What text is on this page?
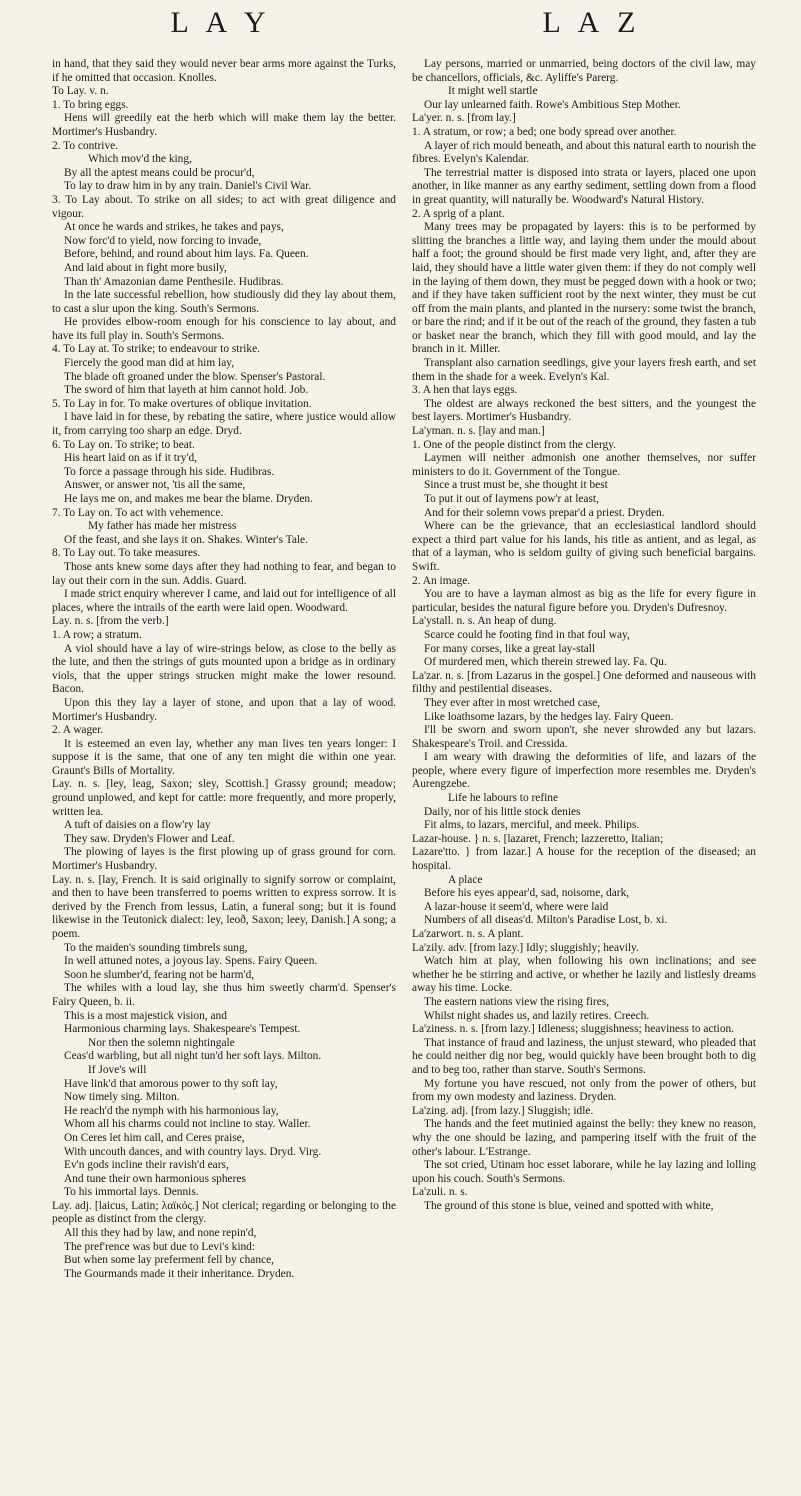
L A Y	L A Z

in hand, that they said they would never bear arms more against the Turks, if he omitted that occasion. Knolles.

To Lay. v. n.

1. To bring eggs.

Hens will greedily eat the herb which will make them lay the better. Mortimer's Husbandry.

2. To contrive.

Which mov'd the king,

By all the aptest means could be procur'd,

To lay to draw him in by any train. Daniel's Civil War.

3. To Lay about. To strike on all sides; to act with great diligence and vigour.

At once he wards and strikes, he takes and pays,

Now forc'd to yield, now forcing to invade,

Before, behind, and round about him lays. Fa. Queen.

And laid about in fight more busily,

Than th' Amazonian dame Penthesile. Hudibras.

In the late successful rebellion, how studiously did they lay about them, to cast a slur upon the king. South's Sermons.

He provides elbow-room enough for his conscience to lay about, and have its full play in. South's Sermons.

4. To Lay at. To strike; to endeavour to strike.

Fiercely the good man did at him lay,

The blade oft groaned under the blow. Spenser's Pastoral.

The sword of him that layeth at him cannot hold. Job.

5. To Lay in for. To make overtures of oblique invitation.

I have laid in for these, by rebating the satire, where justice would allow it, from carrying too sharp an edge. Dryd.

6. To Lay on. To strike; to beat.

His heart laid on as if it try'd,

To force a passage through his side. Hudibras.

Answer, or answer not, 'tis all the same,

He lays me on, and makes me bear the blame. Dryden.

7. To Lay on. To act with vehemence.

My father has made her mistress

Of the feast, and she lays it on. Shakes. Winter's Tale.

8. To Lay out. To take measures.

Those ants knew some days after they had nothing to fear, and began to lay out their corn in the sun. Addis. Guard.

I made strict enquiry wherever I came, and laid out for intelligence of all places, where the intrails of the earth were laid open. Woodward.

Lay. n. s. [from the verb.]

1. A row; a stratum.

A viol should have a lay of wire-strings below, as close to the belly as the lute, and then the strings of guts mounted upon a bridge as in ordinary viols, that the upper strings strucken might make the lower resound. Bacon.

Upon this they lay a layer of stone, and upon that a lay of wood. Mortimer's Husbandry.

2. A wager.

It is esteemed an even lay, whether any man lives ten years longer: I suppose it is the same, that one of any ten might die within one year. Graunt's Bills of Mortality.

Lay. n. s. [ley, leag, Saxon; sley, Scottish.] Grassy ground; meadow; ground unplowed, and kept for cattle: more frequently, and more properly, written lea.

A tuft of daisies on a flow'ry lay

They saw. Dryden's Flower and Leaf.

The plowing of layes is the first plowing up of grass ground for corn. Mortimer's Husbandry.

Lay. n. s. [lay, French. It is said originally to signify sorrow or complaint, and then to have been transferred to poems written to express sorrow. It is derived by the French from lessus, Latin, a funeral song; but it is found likewise in the Teutonick dialect: ley, leoð, Saxon; leey, Danish.] A song; a poem.

To the maiden's sounding timbrels sung,

In well attuned notes, a joyous lay. Spens. Fairy Queen.

Soon he slumber'd, fearing not be harm'd,

The whiles with a loud lay, she thus him sweetly charm'd. Spenser's Fairy Queen, b. ii.

This is a most majestick vision, and

Harmonious charming lays. Shakespeare's Tempest.

Nor then the solemn nightingale

Ceas'd warbling, but all night tun'd her soft lays. Milton.

If Jove's will

Have link'd that amorous power to thy soft lay,

Now timely sing. Milton.

He reach'd the nymph with his harmonious lay,

Whom all his charms could not incline to stay. Waller.

On Ceres let him call, and Ceres praise,

With uncouth dances, and with country lays. Dryd. Virg.

Ev'n gods incline their ravish'd ears,

And tune their own harmonious spheres

To his immortal lays. Dennis.

Lay. adj. [laicus, Latin; λαϊκός.] Not clerical; regarding or belonging to the people as distinct from the clergy.

All this they had by law, and none repin'd,

The pref'rence was but due to Levi's kind:

But when some lay preferment fell by chance,

The Gourmands made it their inheritance. Dryden.

Lay persons, married or unmarried, being doctors of the civil law, may be chancellors, officials, &c. Ayliffe's Parerg.

It might well startle

Our lay unlearned faith. Rowe's Ambitious Step Mother.

La'yer. n. s. [from lay.]

1. A stratum, or row; a bed; one body spread over another.

A layer of rich mould beneath, and about this natural earth to nourish the fibres. Evelyn's Kalendar.

The terrestrial matter is disposed into strata or layers, placed one upon another, in like manner as any earthy sediment, settling down from a flood in great quantity, will naturally be. Woodward's Natural History.

2. A sprig of a plant.

Many trees may be propagated by layers: this is to be performed by slitting the branches a little way, and laying them under the mould about half a foot; the ground should be first made very light, and, after they are laid, they should have a little water given them: if they do not comply well in the laying of them down, they must be pegged down with a hook or two; and if they have taken sufficient root by the next winter, they must be cut off from the main plants, and planted in the nursery: some twist the branch, or bare the rind; and if it be out of the reach of the ground, they fasten a tub or basket near the branch, which they fill with good mould, and lay the branch in it. Miller.

Transplant also carnation seedlings, give your layers fresh earth, and set them in the shade for a week. Evelyn's Kal.

3. A hen that lays eggs.

The oldest are always reckoned the best sitters, and the youngest the best layers. Mortimer's Husbandry.

La'yman. n. s. [lay and man.]

1. One of the people distinct from the clergy.

Laymen will neither admonish one another themselves, nor suffer ministers to do it. Government of the Tongue.

Since a trust must be, she thought it best

To put it out of laymens pow'r at least,

And for their solemn vows prepar'd a priest. Dryden.

Where can be the grievance, that an ecclesiastical landlord should expect a third part value for his lands, his title as antient, and as legal, as that of a layman, who is seldom guilty of giving such beneficial bargains. Swift.

2. An image.

You are to have a layman almost as big as the life for every figure in particular, besides the natural figure before you. Dryden's Dufresnoy.

La'ystall. n. s. An heap of dung.

Scarce could he footing find in that foul way,

For many corses, like a great lay-stall

Of murdered men, which therein strewed lay. Fa. Qu.

La'zar. n. s. [from Lazarus in the gospel.] One deformed and nauseous with filthy and pestilential diseases.

They ever after in most wretched case,

Like loathsome lazars, by the hedges lay. Fairy Queen.

I'll be sworn and sworn upon't, she never shrowded any but lazars. Shakespeare's Troil. and Cressida.

I am weary with drawing the deformities of life, and lazars of the people, where every figure of imperfection more resembles me. Dryden's Aurengzebe.

Life he labours to refine

Daily, nor of his little stock denies

Fit alms, to lazars, merciful, and meek. Philips.

Lazar-house. } n. s. [lazaret, French; lazzeretto, Italian;

Lazare'tto. } from lazar.] A house for the reception of the diseased; an hospital.

A place

Before his eyes appear'd, sad, noisome, dark,

A lazar-house it seem'd, where were laid

Numbers of all diseas'd. Milton's Paradise Lost, b. xi.

La'zarwort. n. s. A plant.

La'zily. adv. [from lazy.] Idly; sluggishly; heavily.

Watch him at play, when following his own inclinations; and see whether he be stirring and active, or whether he lazily and listlesly dreams away his time. Locke.

The eastern nations view the rising fires,

Whilst night shades us, and lazily retires. Creech.

La'ziness. n. s. [from lazy.] Idleness; sluggishness; heaviness to action.

That instance of fraud and laziness, the unjust steward, who pleaded that he could neither dig nor beg, would quickly have been brought both to dig and to beg too, rather than starve. South's Sermons.

My fortune you have rescued, not only from the power of others, but from my own modesty and laziness. Dryden.

La'zing. adj. [from lazy.] Sluggish; idle.

The hands and the feet mutinied against the belly: they knew no reason, why the one should be lazing, and pampering itself with the fruit of the other's labour. L'Estrange.

The sot cried, Utinam hoc esset laborare, while he lay lazing and lolling upon his couch. South's Sermons.

La'zuli. n. s.

The ground of this stone is blue, veined and spotted with white,
